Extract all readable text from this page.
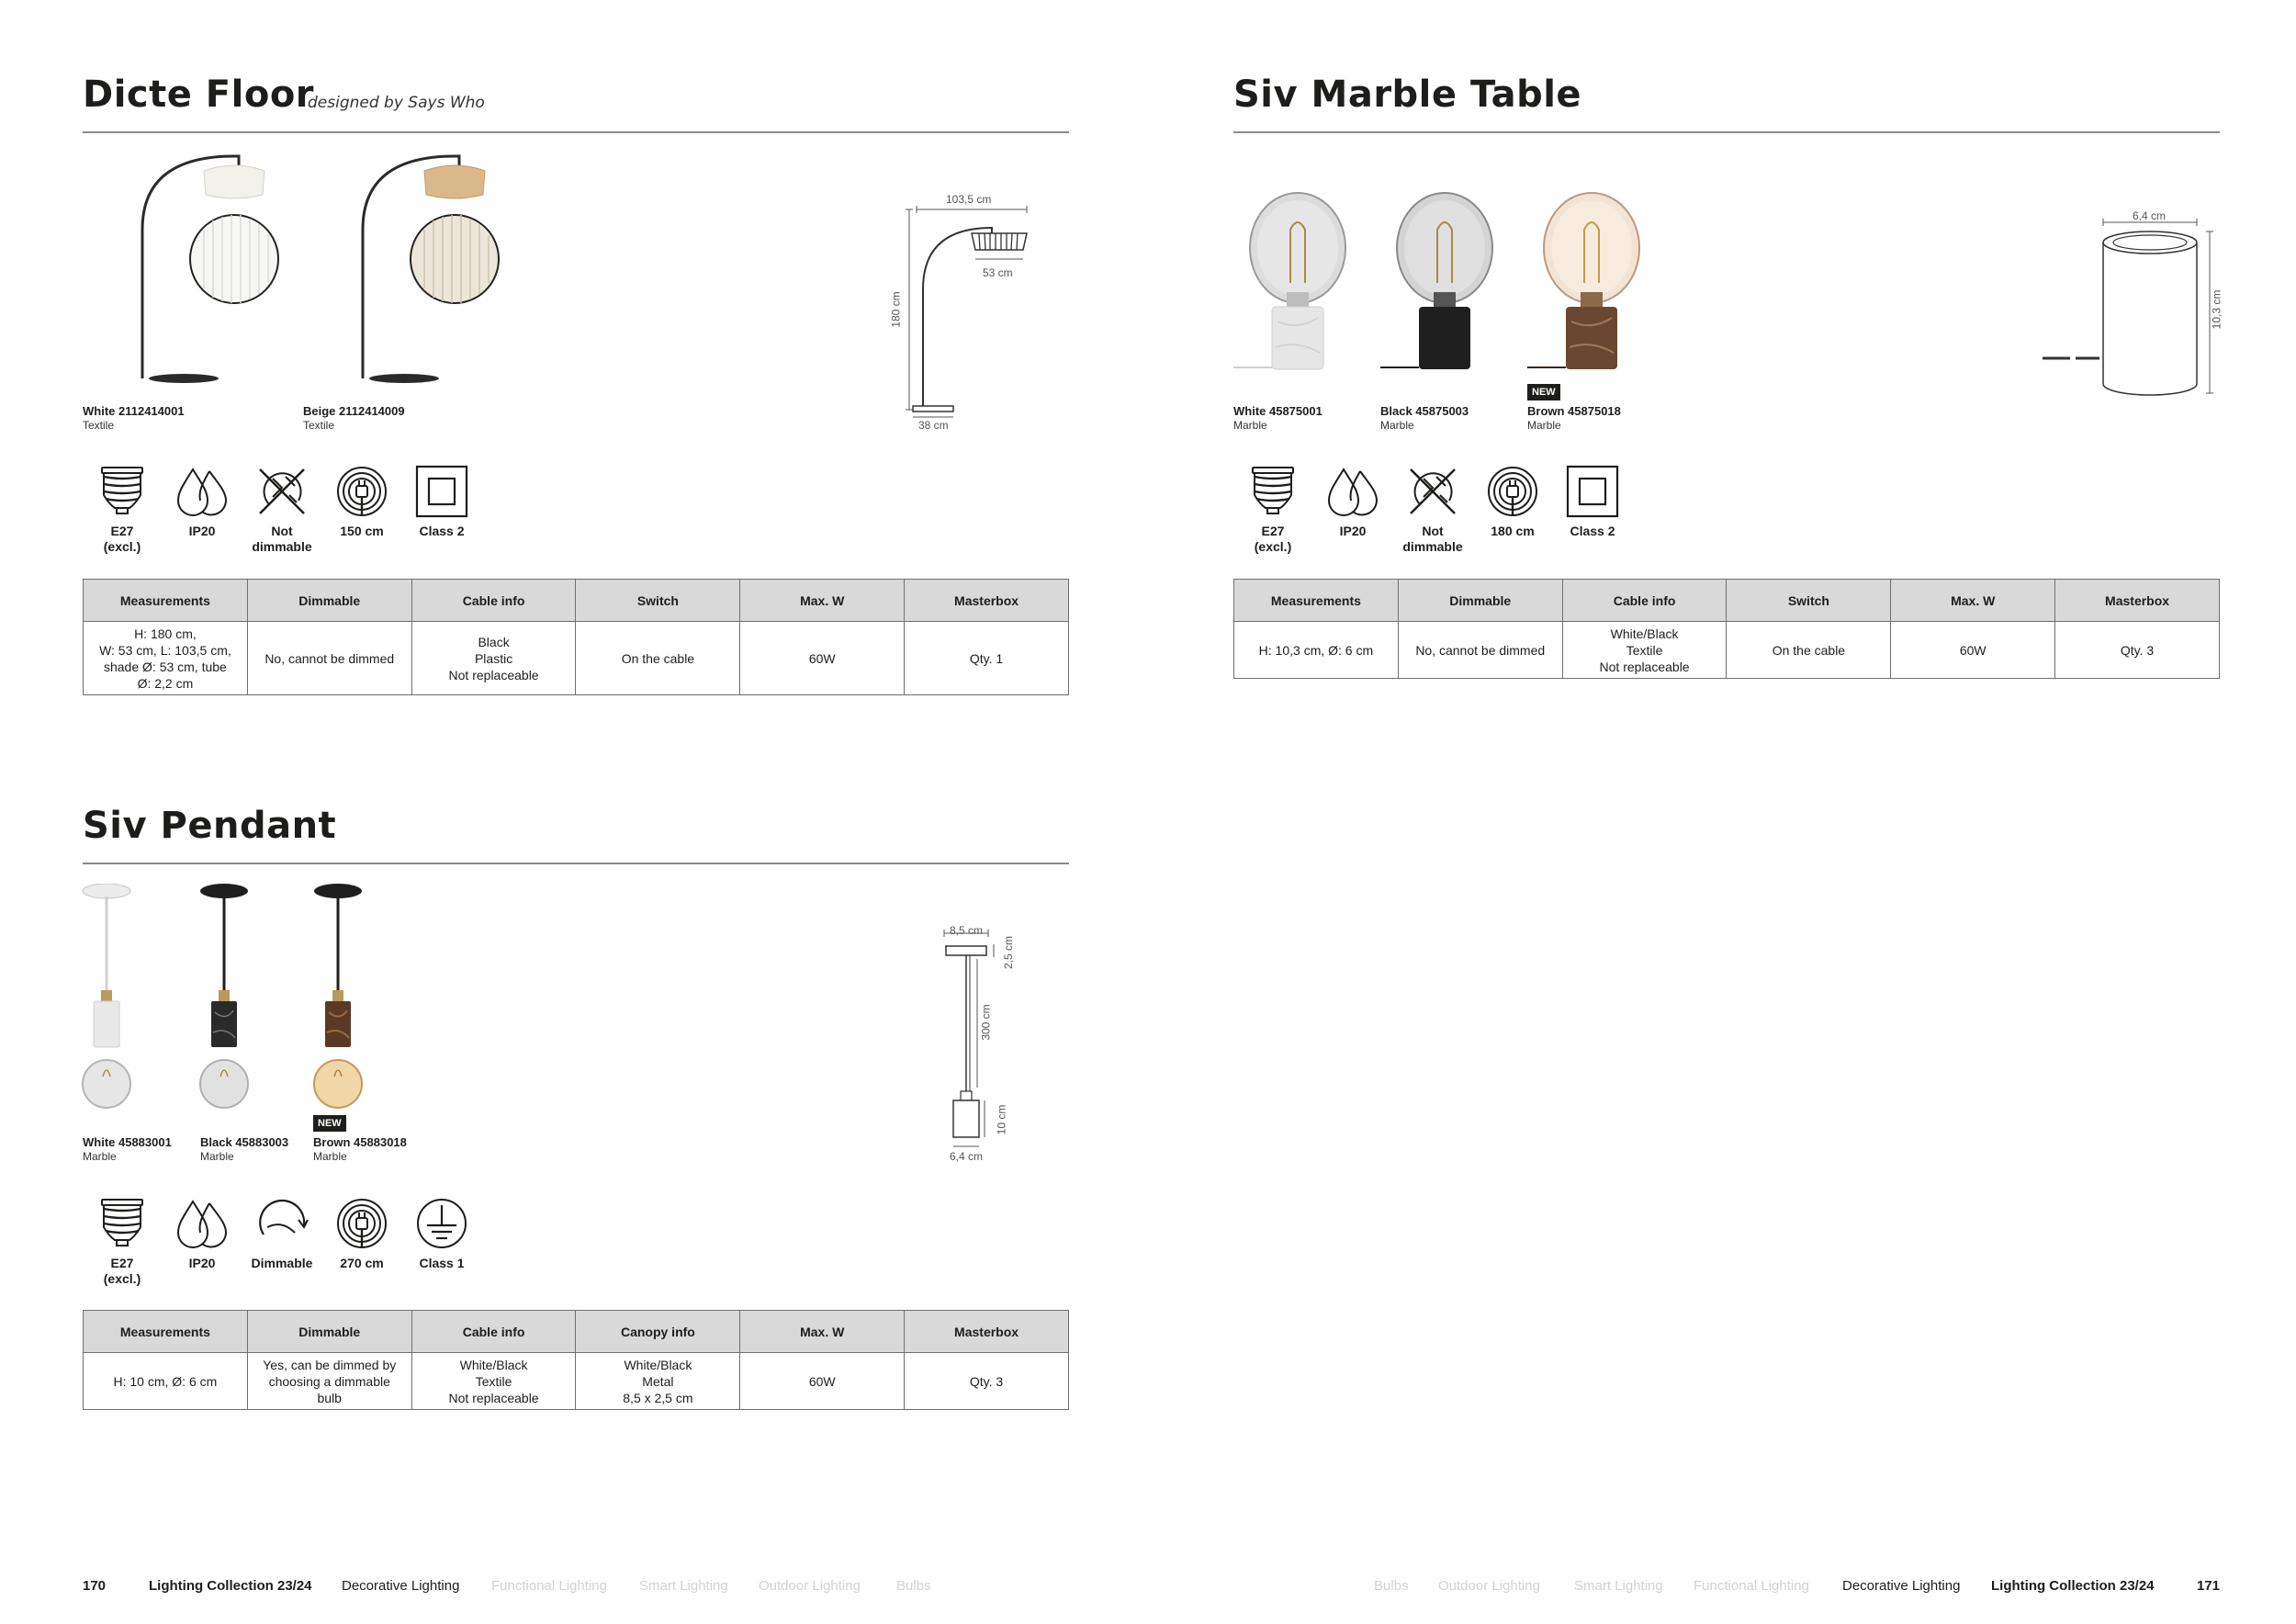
Dicte Floor
designed by Says Who
White 2112414001
Textile
Beige 2112414009
Textile
103,5 cm
53 cm
180 cm
38 cm
E27
(excl.)
IP20	Not
dimmable
150 cm	Class 2
Measurements	Dimmable	Cable info	Switch	Max. W	Masterbox
H: 180 cm,
W: 53 cm, L: 103,5 cm,
shade Ø: 53 cm, tube
Ø: 2,2 cm	No, cannot be dimmed	Black
Plastic
Not replaceable	On the cable	60W	Qty. 1
Siv Marble Table
NEW
White 45875001
Marble
Black 45875003
Marble
Brown 45875018
Marble
6,4 cm
10,3 cm
E27
(excl.)
IP20	Not
dimmable
180 cm	Class 2
Measurements	Dimmable	Cable info	Switch	Max. W	Masterbox
H: 10,3 cm, Ø: 6 cm	No, cannot be dimmed	White/Black
Textile
Not replaceable	On the cable	60W	Qty. 3
Siv Pendant
NEW
White 45883001
Marble
Black 45883003
Marble
Brown 45883018
Marble
8,5 cm
2,5 cm
300 cm
10 cm
6,4 cm
E27
(excl.)
IP20	Dimmable	270 cm	Class 1
Measurements	Dimmable	Cable info	Canopy info	Max. W	Masterbox
H: 10 cm, Ø: 6 cm	Yes, can be dimmed by
choosing a dimmable
bulb	White/Black
Textile
Not replaceable	White/Black
Metal
8,5 x 2,5 cm	60W	Qty. 3
170	Lighting Collection 23/24 Decorative Lighting Functional Lighting Smart Lighting Outdoor Lighting	Bulbs	Bulbs Outdoor Lighting Smart Lighting Functional Lighting Decorative Lighting Lighting Collection 23/24	171
